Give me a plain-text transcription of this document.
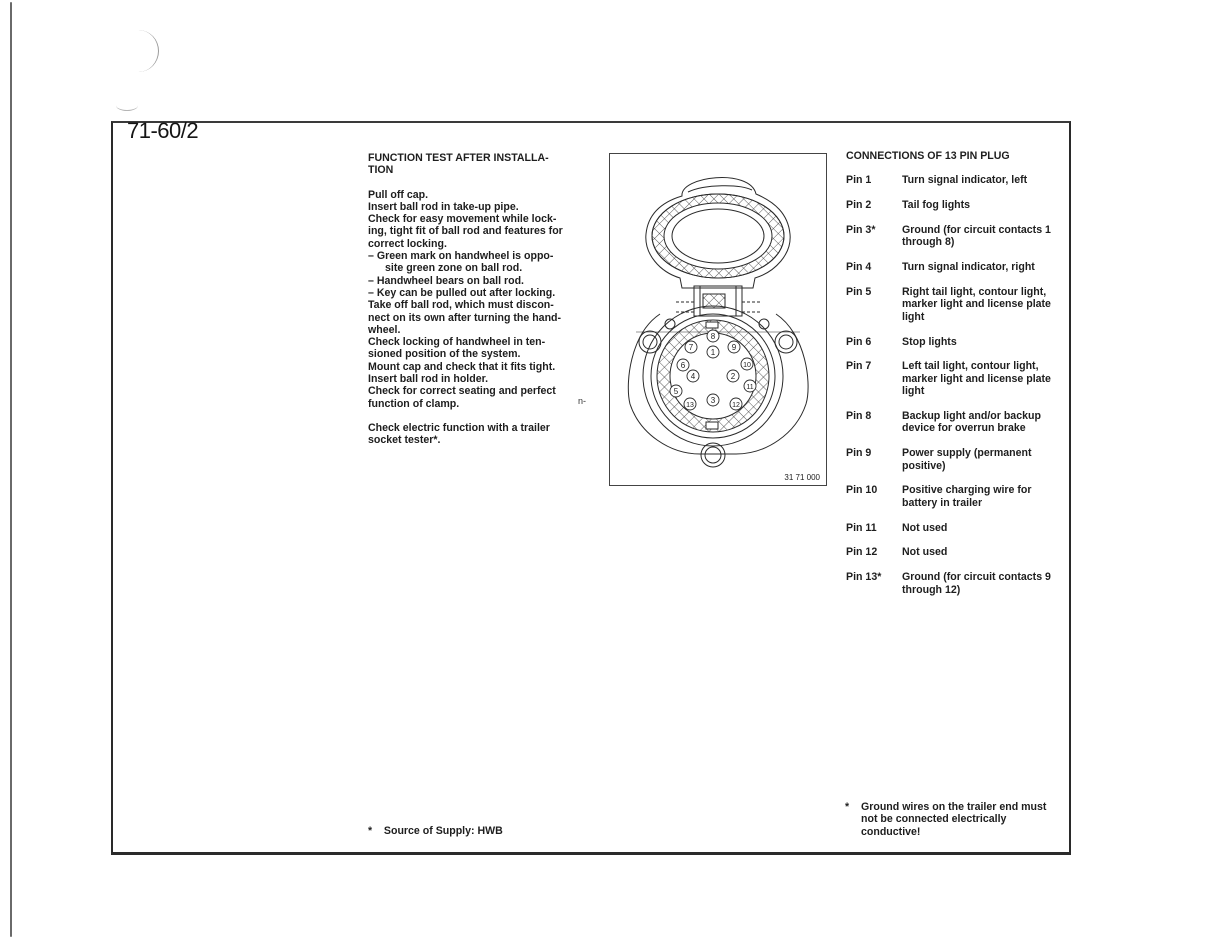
71-60/2
FUNCTION TEST AFTER INSTALLA-
TION
Pull off cap.
Insert ball rod in take-up pipe.
Check for easy movement while lock-
ing, tight fit of ball rod and features for
correct locking.
– Green mark on handwheel is oppo-
site green zone on ball rod.
– Handwheel bears on ball rod.
– Key can be pulled out after locking.
Take off ball rod, which must discon-
nect on its own after turning the hand-
wheel.
Check locking of handwheel in ten-
sioned position of the system.
Mount cap and check that it fits tight.
Insert ball rod in holder.
Check for correct seating and perfect
function of clamp.
Check electric function with a trailer
socket tester*.
n-
1
2
3
4
5
6
7
8
9
10
11
12
13
31 71 000
CONNECTIONS OF 13 PIN PLUG
Pin 1	Turn signal indicator, left
Pin 2	Tail fog lights
Pin 3*	Ground (for circuit contacts 1 through 8)
Pin 4	Turn signal indicator, right
Pin 5	Right tail light, contour light, marker light and license plate light
Pin 6	Stop lights
Pin 7	Left tail light, contour light, marker light and license plate light
Pin 8	Backup light and/or backup device for overrun brake
Pin 9	Power supply (permanent positive)
Pin 10	Positive charging wire for battery in trailer
Pin 11	Not used
Pin 12	Not used
Pin 13*	Ground (for circuit contacts 9 through 12)
* Source of Supply: HWB
*	Ground wires on the trailer end must not be connected electrically conductive!
